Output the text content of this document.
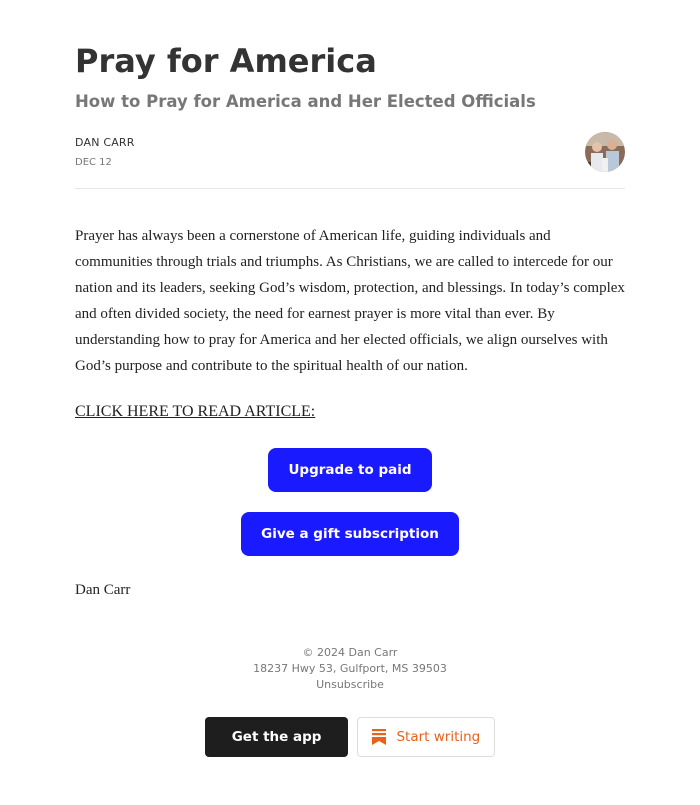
Pray for America
How to Pray for America and Her Elected Officials
DAN CARR
DEC 12

Prayer has always been a cornerstone of American life, guiding individuals and communities through trials and triumphs. As Christians, we are called to intercede for our nation and its leaders, seeking God’s wisdom, protection, and blessings. In today’s complex and often divided society, the need for earnest prayer is more vital than ever. By understanding how to pray for America and her elected officials, we align ourselves with God’s purpose and contribute to the spiritual health of our nation.

CLICK HERE TO READ ARTICLE:
Upgrade to paid
Give a gift subscription
Dan Carr
© 2024 Dan Carr
18237 Hwy 53, Gulfport, MS 39503
Unsubscribe
Get the app	Start writing
